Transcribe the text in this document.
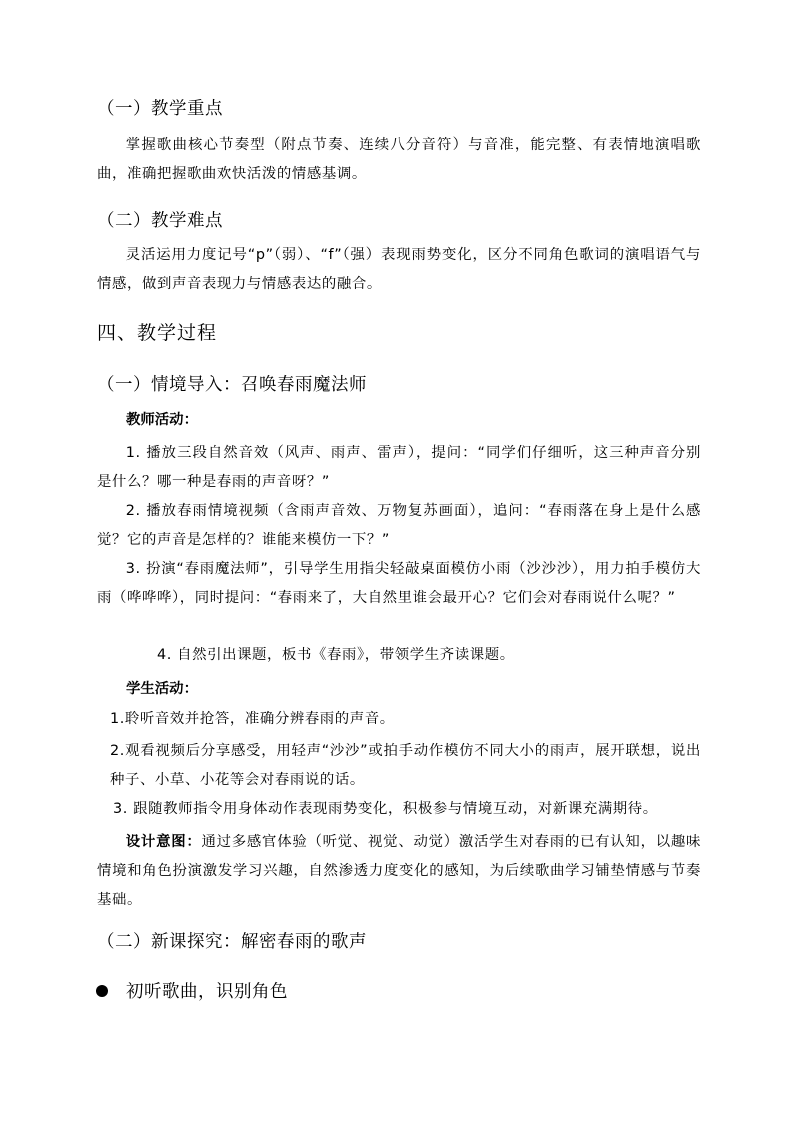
（一）教学重点
掌握歌曲核心节奏型（附点节奏、连续八分音符）与音准，能完整、有表情地演唱歌曲，准确把握歌曲欢快活泼的情感基调。
（二）教学难点
灵活运用力度记号“p”（弱）、“f”（强）表现雨势变化，区分不同角色歌词的演唱语气与情感，做到声音表现力与情感表达的融合。
四、教学过程
（一）情境导入：召唤春雨魔法师
教师活动：
1. 播放三段自然音效（风声、雨声、雷声），提问：“同学们仔细听，这三种声音分别是什么？哪一种是春雨的声音呀？”
2. 播放春雨情境视频（含雨声音效、万物复苏画面），追问：“春雨落在身上是什么感觉？它的声音是怎样的？谁能来模仿一下？”
3. 扮演“春雨魔法师”，引导学生用指尖轻敲桌面模仿小雨（沙沙沙），用力拍手模仿大雨（哗哗哗），同时提问：“春雨来了，大自然里谁会最开心？它们会对春雨说什么呢？”
4. 自然引出课题，板书《春雨》，带领学生齐读课题。
学生活动：
1.聆听音效并抢答，准确分辨春雨的声音。
2.观看视频后分享感受，用轻声“沙沙”或拍手动作模仿不同大小的雨声，展开联想，说出种子、小草、小花等会对春雨说的话。
3. 跟随教师指令用身体动作表现雨势变化，积极参与情境互动，对新课充满期待。
设计意图：通过多感官体验（听觉、视觉、动觉）激活学生对春雨的已有认知，以趣味情境和角色扮演激发学习兴趣，自然渗透力度变化的感知，为后续歌曲学习铺垫情感与节奏基础。
（二）新课探究：解密春雨的歌声
初听歌曲，识别角色
